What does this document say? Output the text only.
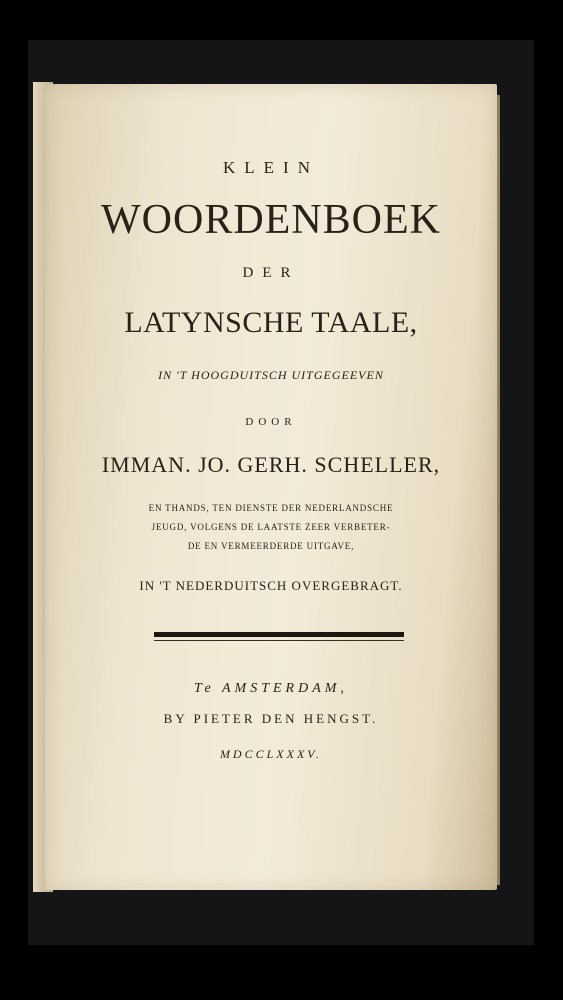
KLEIN
WOORDENBOEK
DER
LATYNSCHE TAALE,
IN 'T HOOGDUITSCH UITGEGEEVEN
DOOR
IMMAN. JO. GERH. SCHELLER,
EN THANDS, TEN DIENSTE DER NEDERLANDSCHE
JEUGD, VOLGENS DE LAATSTE ZEER VERBETER-
DE EN VERMEERDERDE UITGAVE,
IN 'T NEDERDUITSCH OVERGEBRAGT.
Te AMSTERDAM,
BY PIETER DEN HENGST.
MDCCLXXXV.
